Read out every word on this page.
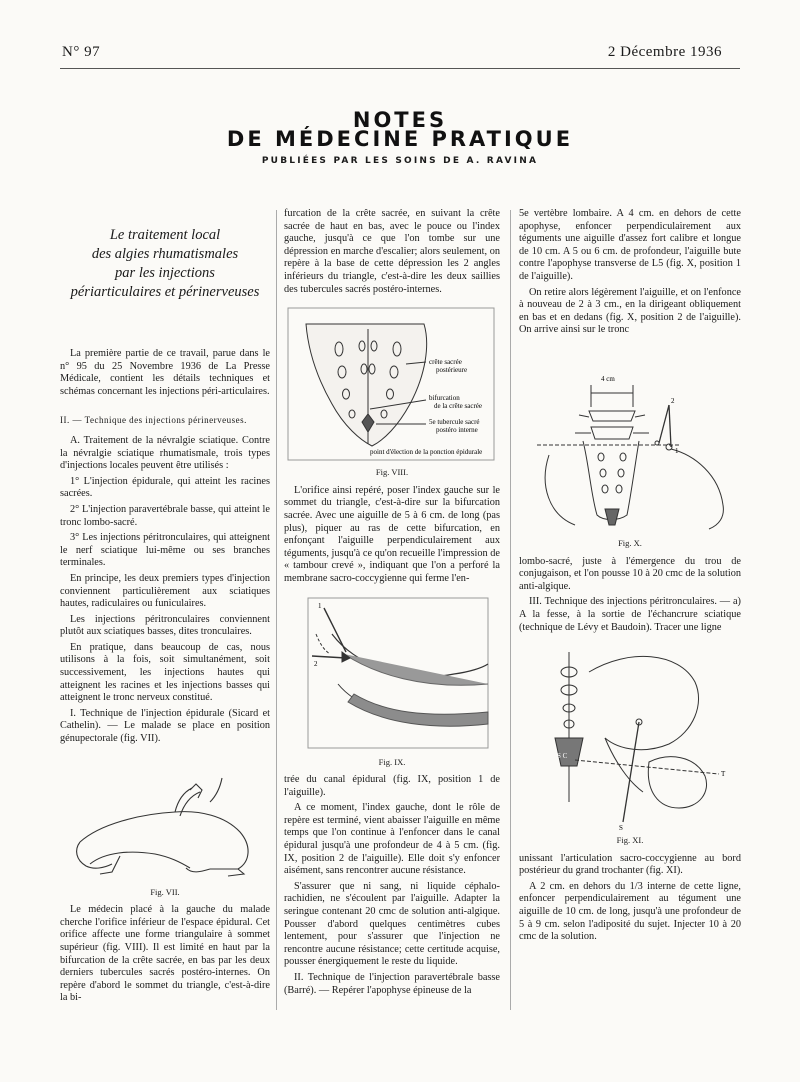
N° 97	2 Décembre 1936
NOTES
DE MÉDECINE PRATIQUE
PUBLIÉES PAR LES SOINS DE A. RAVINA
Le traitement local
des algies rhumatismales
par les injections
périarticulaires et périnerveuses

La première partie de ce travail, parue dans le n° 95 du 25 Novembre 1936 de La Presse Médicale, contient les détails techniques et schémas concernant les injections péri-articulaires.

II. — Technique des injections périnerveuses.

A. Traitement de la névralgie sciatique. Contre la névralgie sciatique rhumatismale, trois types d'injections locales peuvent être utilisés :

1° L'injection épidurale, qui atteint les racines sacrées.

2° L'injection paravertébrale basse, qui atteint le tronc lombo-sacré.

3° Les injections péritronculaires, qui atteignent le nerf sciatique lui-même ou ses branches terminales.

En principe, les deux premiers types d'injection conviennent particulièrement aux sciatiques hautes, radiculaires ou funiculaires.

Les injections péritronculaires conviennent plutôt aux sciatiques basses, dites tronculaires.

En pratique, dans beaucoup de cas, nous utilisons à la fois, soit simultanément, soit successivement, les injections hautes qui atteignent les racines et les injections basses qui atteignent le tronc nerveux constitué.

I. Technique de l'injection épidurale (Sicard et Cathelin). — Le malade se place en position génupectorale (fig. VII).

Fig. VII.

Le médecin placé à la gauche du malade cherche l'orifice inférieur de l'espace épidural. Cet orifice affecte une forme triangulaire à sommet supérieur (fig. VIII). Il est limité en haut par la bifurcation de la crête sacrée, en bas par les deux derniers tubercules sacrés postéro-internes. On repère d'abord le sommet du triangle, c'est-à-dire la bi-

furcation de la crête sacrée, en suivant la crête sacrée de haut en bas, avec le pouce ou l'index gauche, jusqu'à ce que l'on tombe sur une dépression en marche d'escalier; alors seulement, on repère à la base de cette dépression les 2 angles inférieurs du triangle, c'est-à-dire les deux saillies des tubercules sacrés postéro-internes.

crête sacrée
postérieure
bifurcation
de la crête sacrée
5e tubercule sacré
postéro interne
point d'élection de la ponction épidurale
Fig. VIII.

L'orifice ainsi repéré, poser l'index gauche sur le sommet du triangle, c'est-à-dire sur la bifurcation sacrée. Avec une aiguille de 5 à 6 cm. de long (pas plus), piquer au ras de cette bifurcation, en enfonçant l'aiguille perpendiculairement aux téguments, jusqu'à ce qu'on recueille l'impression de « tambour crevé », indiquant que l'on a perforé la membrane sacro-coccygienne qui ferme l'en-

1
2
Fig. IX.

trée du canal épidural (fig. IX, position 1 de l'aiguille).

A ce moment, l'index gauche, dont le rôle de repère est terminé, vient abaisser l'aiguille en même temps que l'on continue à l'enfoncer dans le canal épidural jusqu'à une profondeur de 4 à 5 cm. (fig. IX, position 2 de l'aiguille). Elle doit s'y enfoncer aisément, sans rencontrer aucune résistance.

S'assurer que ni sang, ni liquide céphalo-rachidien, ne s'écoulent par l'aiguille. Adapter la seringue contenant 20 cmc de solution anti-algique. Pousser d'abord quelques centimètres cubes lentement, pour s'assurer que l'injection ne rencontre aucune résistance; cette certitude acquise, pousser énergiquement le reste du liquide.

II. Technique de l'injection paravertébrale basse (Barré). — Repérer l'apophyse épineuse de la

5e vertèbre lombaire. A 4 cm. en dehors de cette apophyse, enfoncer perpendiculairement aux téguments une aiguille d'assez fort calibre et longue de 10 cm. A 5 ou 6 cm. de profondeur, l'aiguille bute contre l'apophyse transverse de L5 (fig. X, position 1 de l'aiguille).

On retire alors légèrement l'aiguille, et on l'enfonce à nouveau de 2 à 3 cm., en la dirigeant obliquement en bas et en dedans (fig. X, position 2 de l'aiguille). On arrive ainsi sur le tronc

4 cm
1
2
Fig. X.

lombo-sacré, juste à l'émergence du trou de conjugaison, et l'on pousse 10 à 20 cmc de la solution anti-algique.

III. Technique des injections péritronculaires. — a) A la fesse, à la sortie de l'échancrure sciatique (technique de Lévy et Baudoin). Tracer une ligne

S C
T
S
Fig. XI.

unissant l'articulation sacro-coccygienne au bord postérieur du grand trochanter (fig. XI).

A 2 cm. en dehors du 1/3 interne de cette ligne, enfoncer perpendiculairement au tégument une aiguille de 10 cm. de long, jusqu'à une profondeur de 5 à 9 cm. selon l'adiposité du sujet. Injecter 10 à 20 cmc de la solution.
